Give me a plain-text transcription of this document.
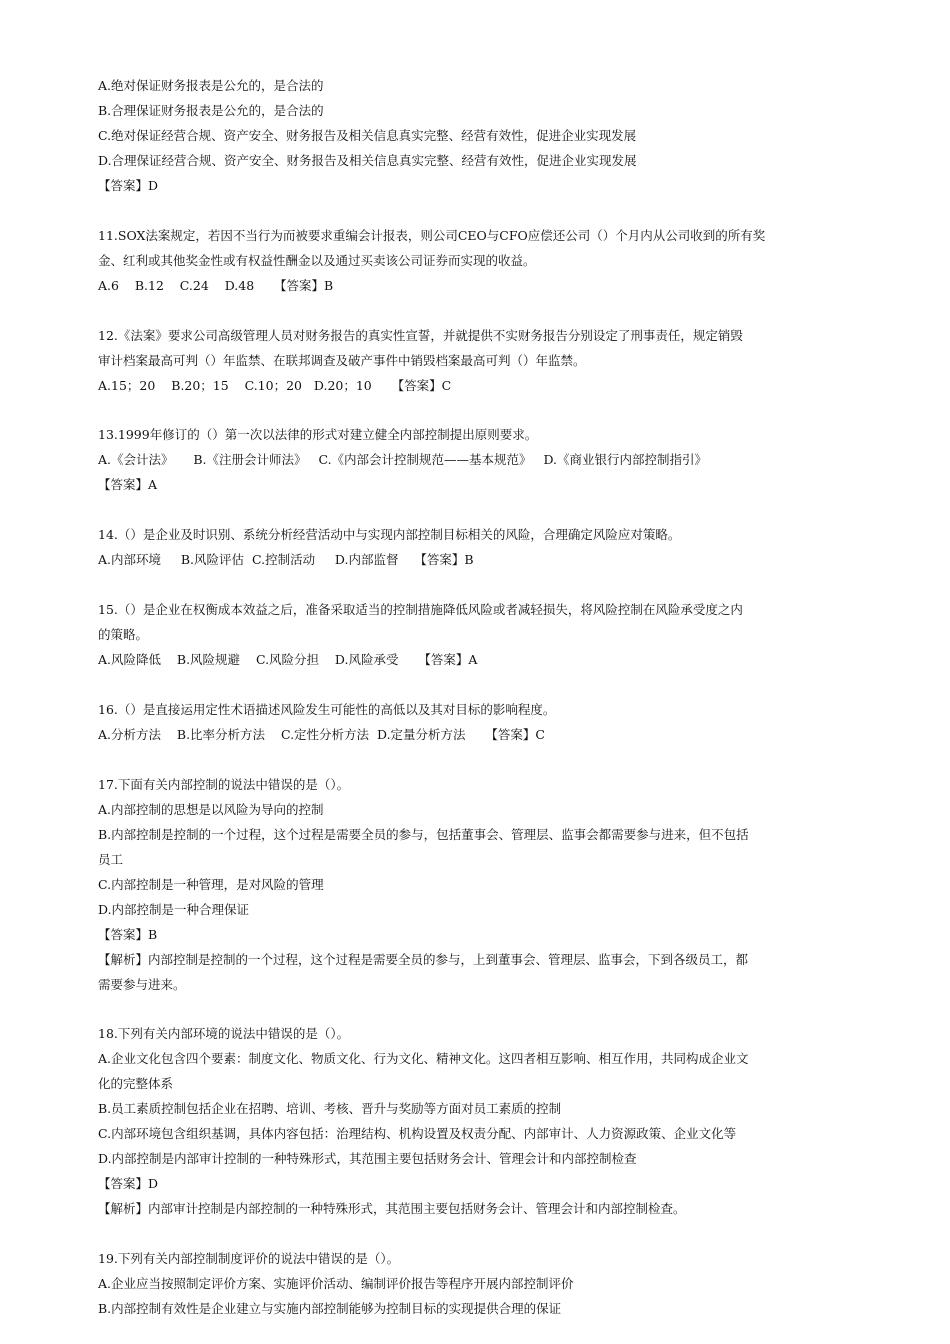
A.绝对保证财务报表是公允的，是合法的
B.合理保证财务报表是公允的，是合法的
C.绝对保证经营合规、资产安全、财务报告及相关信息真实完整、经营有效性，促进企业实现发展
D.合理保证经营合规、资产安全、财务报告及相关信息真实完整、经营有效性，促进企业实现发展
【答案】D
11.SOX法案规定，若因不当行为而被要求重编会计报表，则公司CEO与CFO应偿还公司（）个月内从公司收到的所有奖
金、红利或其他奖金性或有权益性酬金以及通过买卖该公司证券而实现的收益。
A.6    B.12    C.24    D.48     【答案】B
12.《法案》要求公司高级管理人员对财务报告的真实性宣誓，并就提供不实财务报告分别设定了刑事责任，规定销毁
审计档案最高可判（）年监禁、在联邦调查及破产事件中销毁档案最高可判（）年监禁。
A.15；20    B.20；15    C.10；20   D.20；10     【答案】C
13.1999年修订的（）第一次以法律的形式对建立健全内部控制提出原则要求。
A.《会计法》     B.《注册会计师法》   C.《内部会计控制规范——基本规范》   D.《商业银行内部控制指引》
【答案】A
14.（）是企业及时识别、系统分析经营活动中与实现内部控制目标相关的风险，合理确定风险应对策略。
A.内部环境     B.风险评估  C.控制活动     D.内部监督    【答案】B
15.（）是企业在权衡成本效益之后，准备采取适当的控制措施降低风险或者减轻损失，将风险控制在风险承受度之内
的策略。
A.风险降低    B.风险规避    C.风险分担    D.风险承受     【答案】A
16.（）是直接运用定性术语描述风险发生可能性的高低以及其对目标的影响程度。
A.分析方法    B.比率分析方法    C.定性分析方法  D.定量分析方法     【答案】C
17.下面有关内部控制的说法中错误的是（）。
A.内部控制的思想是以风险为导向的控制
B.内部控制是控制的一个过程，这个过程是需要全员的参与，包括董事会、管理层、监事会都需要参与进来，但不包括
员工
C.内部控制是一种管理，是对风险的管理
D.内部控制是一种合理保证
【答案】B
【解析】内部控制是控制的一个过程，这个过程是需要全员的参与，上到董事会、管理层、监事会，下到各级员工，都
需要参与进来。
18.下列有关内部环境的说法中错误的是（）。
A.企业文化包含四个要素：制度文化、物质文化、行为文化、精神文化。这四者相互影响、相互作用，共同构成企业文
化的完整体系
B.员工素质控制包括企业在招聘、培训、考核、晋升与奖励等方面对员工素质的控制
C.内部环境包含组织基调，具体内容包括：治理结构、机构设置及权责分配、内部审计、人力资源政策、企业文化等
D.内部控制是内部审计控制的一种特殊形式，其范围主要包括财务会计、管理会计和内部控制检查
【答案】D
【解析】内部审计控制是内部控制的一种特殊形式，其范围主要包括财务会计、管理会计和内部控制检查。
19.下列有关内部控制制度评价的说法中错误的是（）。
A.企业应当按照制定评价方案、实施评价活动、编制评价报告等程序开展内部控制评价
B.内部控制有效性是企业建立与实施内部控制能够为控制目标的实现提供合理的保证
